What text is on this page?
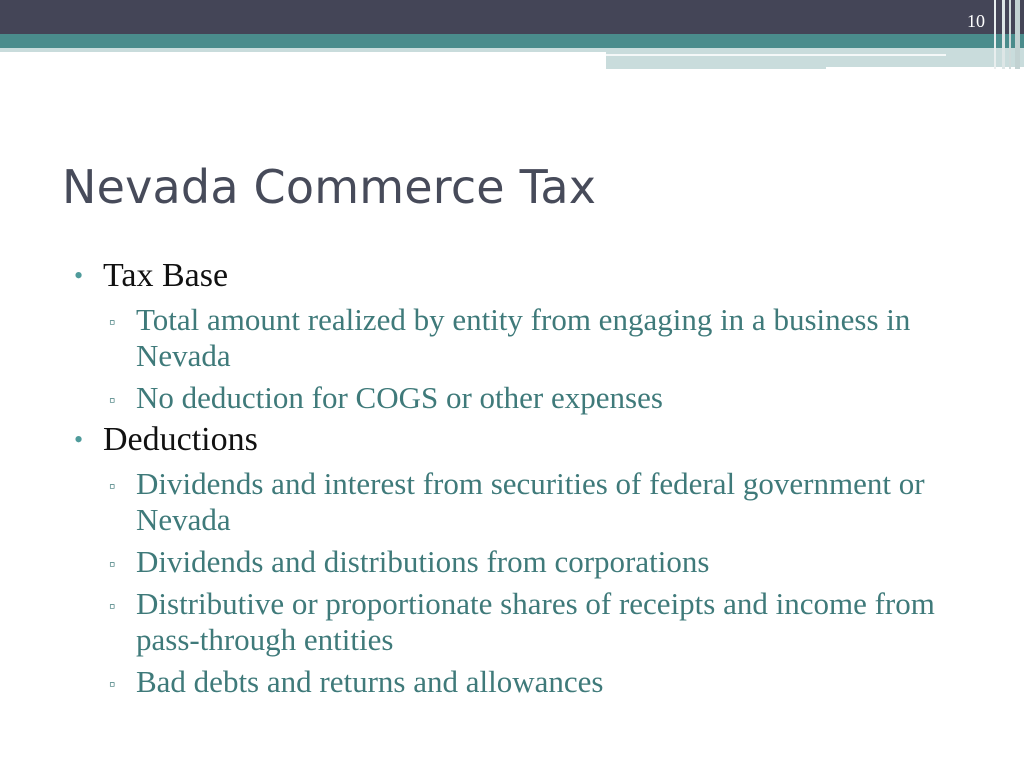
10
Nevada Commerce Tax
• Tax Base
▫ Total amount realized by entity from engaging in a business in Nevada
▫ No deduction for COGS or other expenses
• Deductions
▫ Dividends and interest from securities of federal government or Nevada
▫ Dividends and distributions from corporations
▫ Distributive or proportionate shares of receipts and income from pass-through entities
▫ Bad debts and returns and allowances
